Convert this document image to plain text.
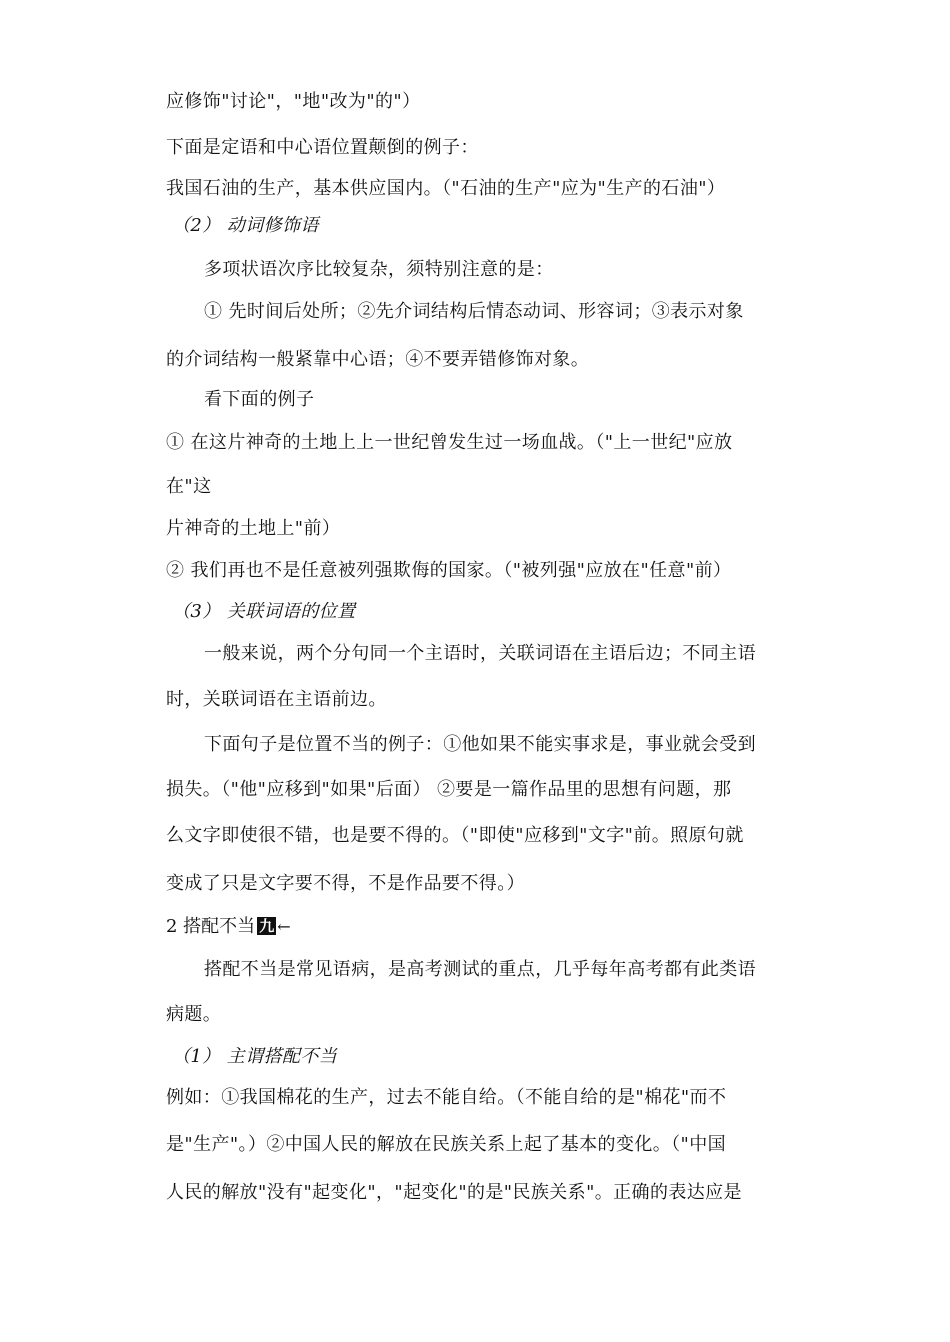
应修饰"讨论"，"地"改为"的"）
下面是定语和中心语位置颠倒的例子：
我国石油的生产，基本供应国内。（"石油的生产"应为"生产的石油"）
（2） 动词修饰语
多项状语次序比较复杂，须特别注意的是：
① 先时间后处所；②先介词结构后情态动词、形容词；③表示对象
的介词结构一般紧靠中心语；④不要弄错修饰对象。
看下面的例子
① 在这片神奇的土地上上一世纪曾发生过一场血战。（"上一世纪"应放
在"这
片神奇的土地上"前）
② 我们再也不是任意被列强欺侮的国家。（"被列强"应放在"任意"前）
（3） 关联词语的位置
一般来说，两个分句同一个主语时，关联词语在主语后边；不同主语
时，关联词语在主语前边。
下面句子是位置不当的例子：①他如果不能实事求是，事业就会受到
损失。（"他"应移到"如果"后面） ②要是一篇作品里的思想有问题，那
么文字即使很不错，也是要不得的。（"即使"应移到"文字"前。照原句就
变成了只是文字要不得，不是作品要不得。）
2 搭配不当 九 ←
搭配不当是常见语病，是高考测试的重点，几乎每年高考都有此类语
病题。
（1） 主谓搭配不当
例如：①我国棉花的生产，过去不能自给。（不能自给的是"棉花"而不
是"生产"。）②中国人民的解放在民族关系上起了基本的变化。（"中国
人民的解放"没有"起变化"，"起变化"的是"民族关系"。正确的表达应是
